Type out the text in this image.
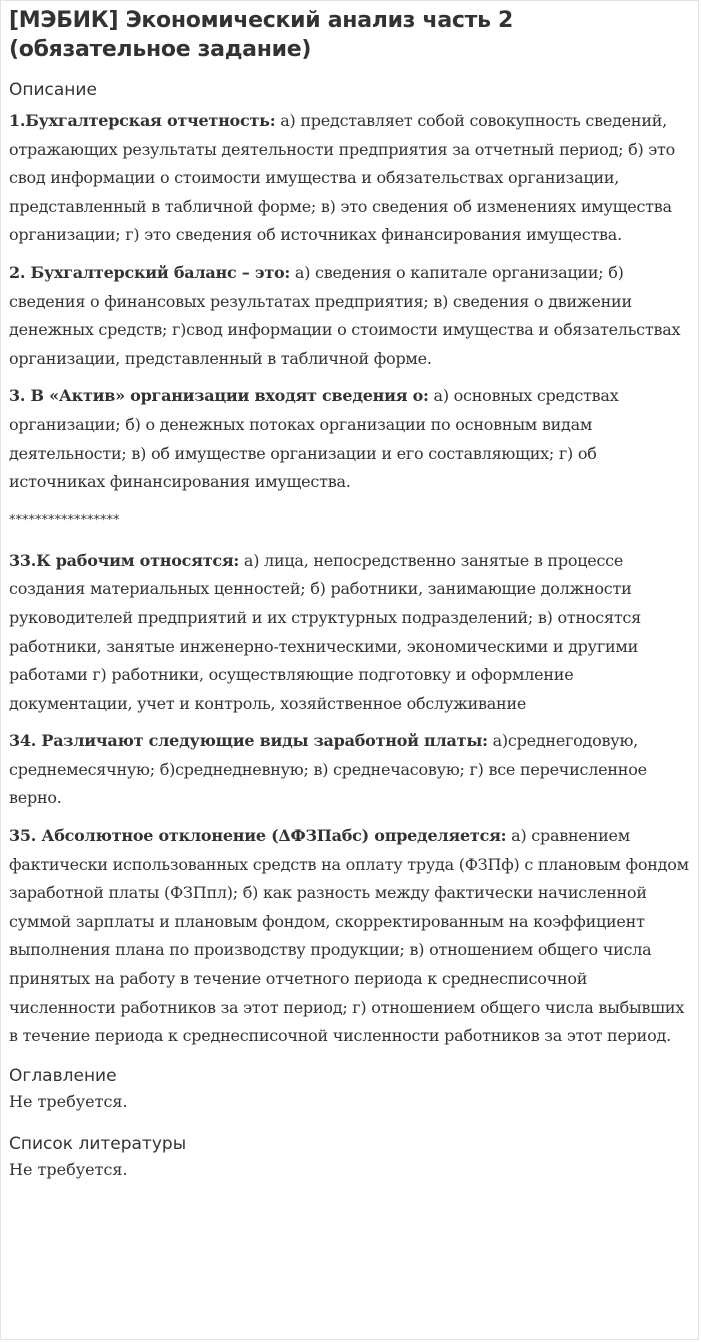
[МЭБИК] Экономический анализ часть 2 (обязательное задание)
Описание

1.Бухгалтерская отчетность: а) представляет собой совокупность сведений, отражающих результаты деятельности предприятия за отчетный период; б) это свод информации о стоимости имущества и обязательствах организации, представленный в табличной форме; в) это сведения об изменениях имущества организации; г) это сведения об источниках финансирования имущества.

2. Бухгалтерский баланс – это: а) сведения о капитале организации; б) сведения о финансовых результатах предприятия; в) сведения о движении денежных средств; г)свод информации о стоимости имущества и обязательствах организации, представленный в табличной форме.

3. В «Актив» организации входят сведения о: а) основных средствах организации; б) о денежных потоках организации по основным видам деятельности; в) об имуществе организации и его составляющих; г) об источниках финансирования имущества.

*****************

33.К рабочим относятся: а) лица, непосредственно занятые в процессе создания материальных ценностей; б) работники, занимающие должности руководителей предприятий и их структурных подразделений; в) относятся работники, занятые инженерно-техническими, экономическими и другими работами г) работники, осуществляющие подготовку и оформление документации, учет и контроль, хозяйственное обслуживание

34. Различают следующие виды заработной платы: а)среднегодовую, среднемесячную; б)среднедневную; в) среднечасовую; г) все перечисленное верно.

35. Абсолютное отклонение (ΔФЗПабс) определяется: а) сравнением фактически использованных средств на оплату труда (ФЗПф) с плановым фондом заработной платы (ФЗПпл); б) как разность между фактически начисленной суммой зарплаты и плановым фондом, скорректированным на коэффициент выполнения плана по производству продукции; в) отношением общего числа принятых на работу в течение отчетного периода к среднесписочной численности работников за этот период; г) отношением общего числа выбывших в течение периода к среднесписочной численности работников за этот период.

Оглавление
Не требуется.
Список литературы
Не требуется.
